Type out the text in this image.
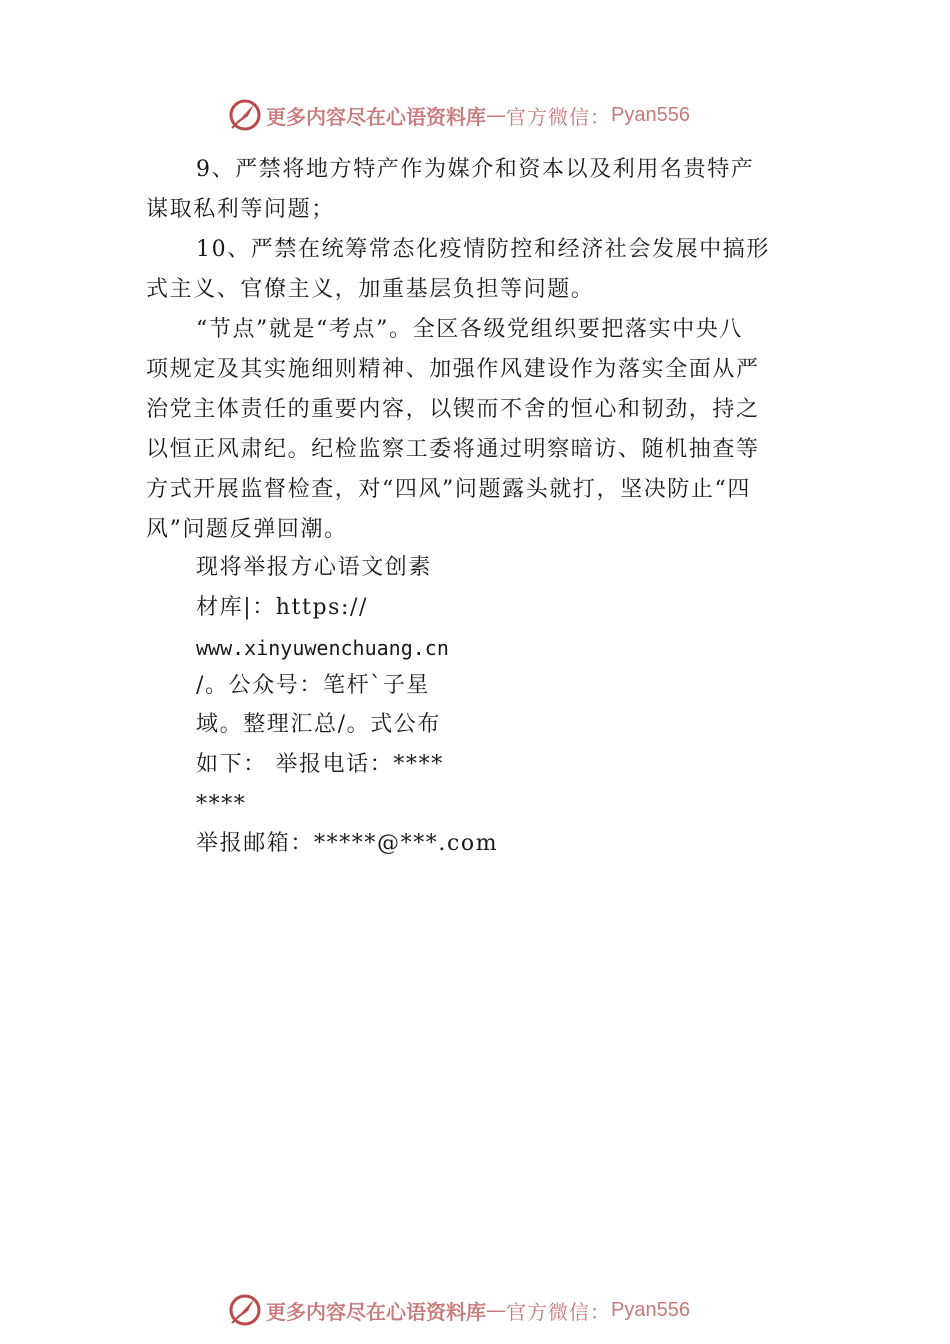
更多内容尽在心语资料库 — 官方微信： Pyan556
9、严禁将地方特产作为媒介和资本以及利用名贵特产
谋取私利等问题；
10、严禁在统筹常态化疫情防控和经济社会发展中搞形
式主义、官僚主义，加重基层负担等问题。
“节点”就是“考点”。全区各级党组织要把落实中央八
项规定及其实施细则精神、加强作风建设作为落实全面从严
治党主体责任的重要内容，以锲而不舍的恒心和韧劲，持之
以恒正风肃纪。纪检监察工委将通过明察暗访、随机抽查等
方式开展监督检查，对“四风”问题露头就打，坚决防止“四
风”问题反弹回潮。
现将举报方心语文创素
材库|：https://
www.xinyuwenchuang.cn
/。公众号：笔杆`子星
域。整理汇总/。式公布
如下： 举报电话：****
****
举报邮箱：*****@***.com
更多内容尽在心语资料库 — 官方微信： Pyan556
